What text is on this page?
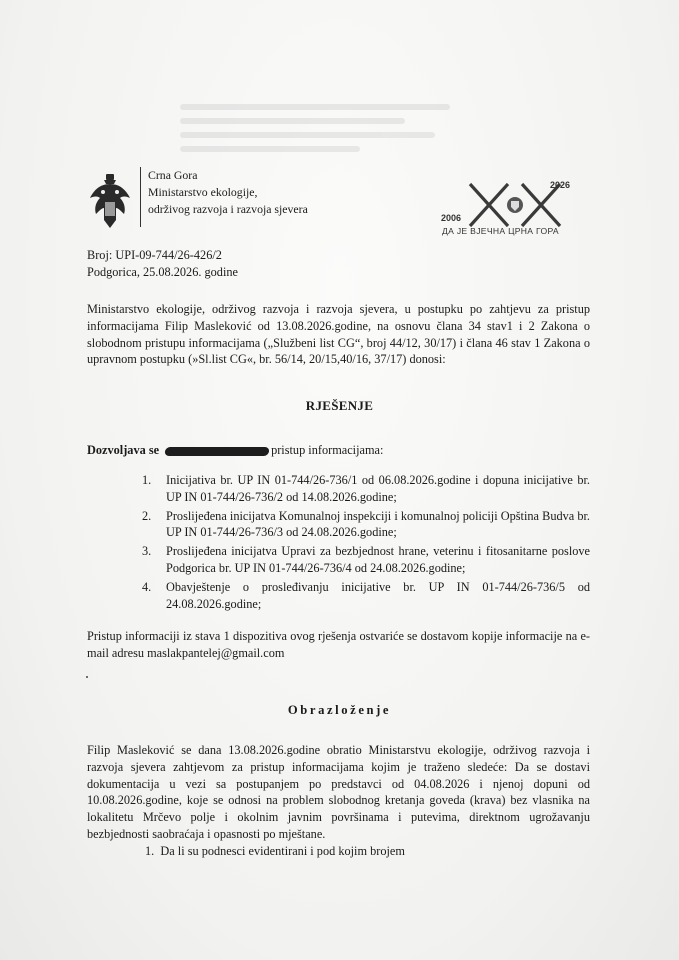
Crna Gora
Ministarstvo ekologije,
održivog razvoja i razvoja sjevera
2026
2006
ДА ЈЕ ВЈЕЧНА ЦРНА ГОРА
Broj: UPI-09-744/26-426/2
Podgorica, 25.08.2026. godine
Ministarstvo ekologije, održivog razvoja i razvoja sjevera, u postupku po zahtjevu za pristup informacijama Filip Masleković od 13.08.2026.godine, na osnovu člana 34 stav1 i 2 Zakona o slobodnom pristupu informacijama („Službeni list CG“, broj 44/12, 30/17) i člana 46 stav 1 Zakona o upravnom postupku (»Sl.list CG«, br. 56/14, 20/15,40/16, 37/17) donosi:
RJEŠENJE
Dozvoljava se	pristup informacijama:
1. Inicijativa br. UP IN 01-744/26-736/1 od 06.08.2026.godine i dopuna inicijative br. UP IN 01-744/26-736/2 od 14.08.2026.godine;
2. Proslijeđena inicijatva Komunalnoj inspekciji i komunalnoj policiji Opština Budva br. UP IN 01-744/26-736/3 od 24.08.2026.godine;
3. Proslijeđena inicijatva Upravi za bezbjednost hrane, veterinu i fitosanitarne poslove Podgorica br. UP IN 01-744/26-736/4 od 24.08.2026.godine;
4. Obavještenje o prosleđivanju inicijative br. UP IN 01-744/26-736/5 od 24.08.2026.godine;
Pristup informaciji iz stava 1 dispozitiva ovog rješenja ostvariće se dostavom kopije informacije na e-mail adresu maslakpantelej@gmail.com
Obrazloženje
Filip Masleković se dana 13.08.2026.godine obratio Ministarstvu ekologije, održivog razvoja i razvoja sjevera zahtjevom za pristup informacijama kojim je traženo sledeće: Da se dostavi dokumentacija u vezi sa postupanjem po predstavci od 04.08.2026 i njenoj dopuni od 10.08.2026.godine, koje se odnosi na problem slobodnog kretanja goveda (krava) bez vlasnika na lokalitetu Mrčevo polje i okolnim javnim površinama i putevima, direktnom ugrožavanju bezbjednosti saobraćaja i opasnosti po mještane.
1. Da li su podnesci evidentirani i pod kojim brojem
